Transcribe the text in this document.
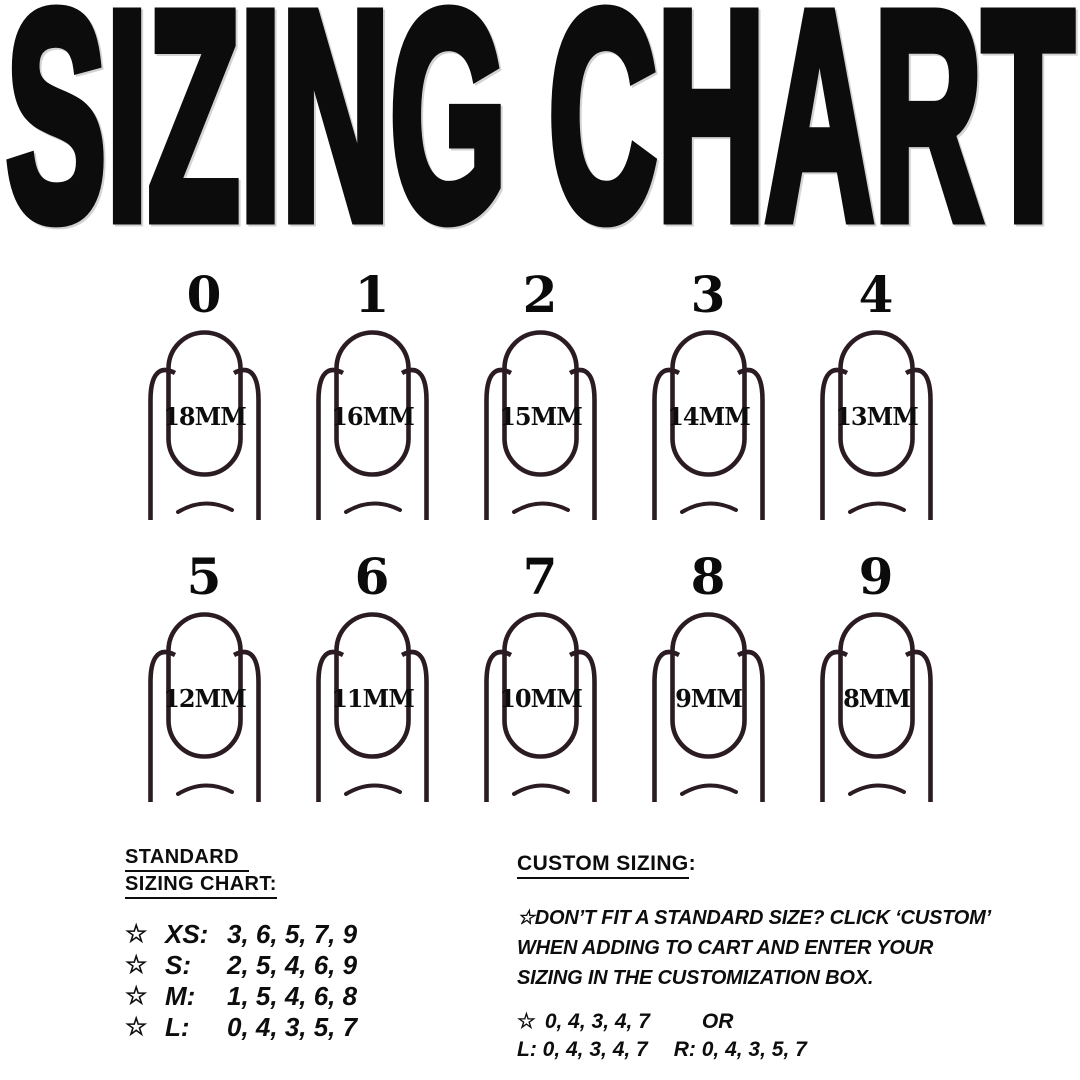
SIZING CHART
0
18MM
1
16MM
2
15MM
3
14MM
4
13MM
5
12MM
6
11MM
7
10MM
8
9MM
9
8MM
STANDARD
SIZING CHART:
☆ XS: 3, 6, 5, 7, 9
☆ S:	2, 5, 4, 6, 9
☆ M:	1, 5, 4, 6, 8
☆ L:	0, 4, 3, 5, 7
CUSTOM SIZING:
☆DON’T FIT A STANDARD SIZE? CLICK ‘CUSTOM’
WHEN ADDING TO CART AND ENTER YOUR
SIZING IN THE CUSTOMIZATION BOX.
☆ 0, 4, 3, 4, 7 OR
L: 0, 4, 3, 4, 7 R: 0, 4, 3, 5, 7
